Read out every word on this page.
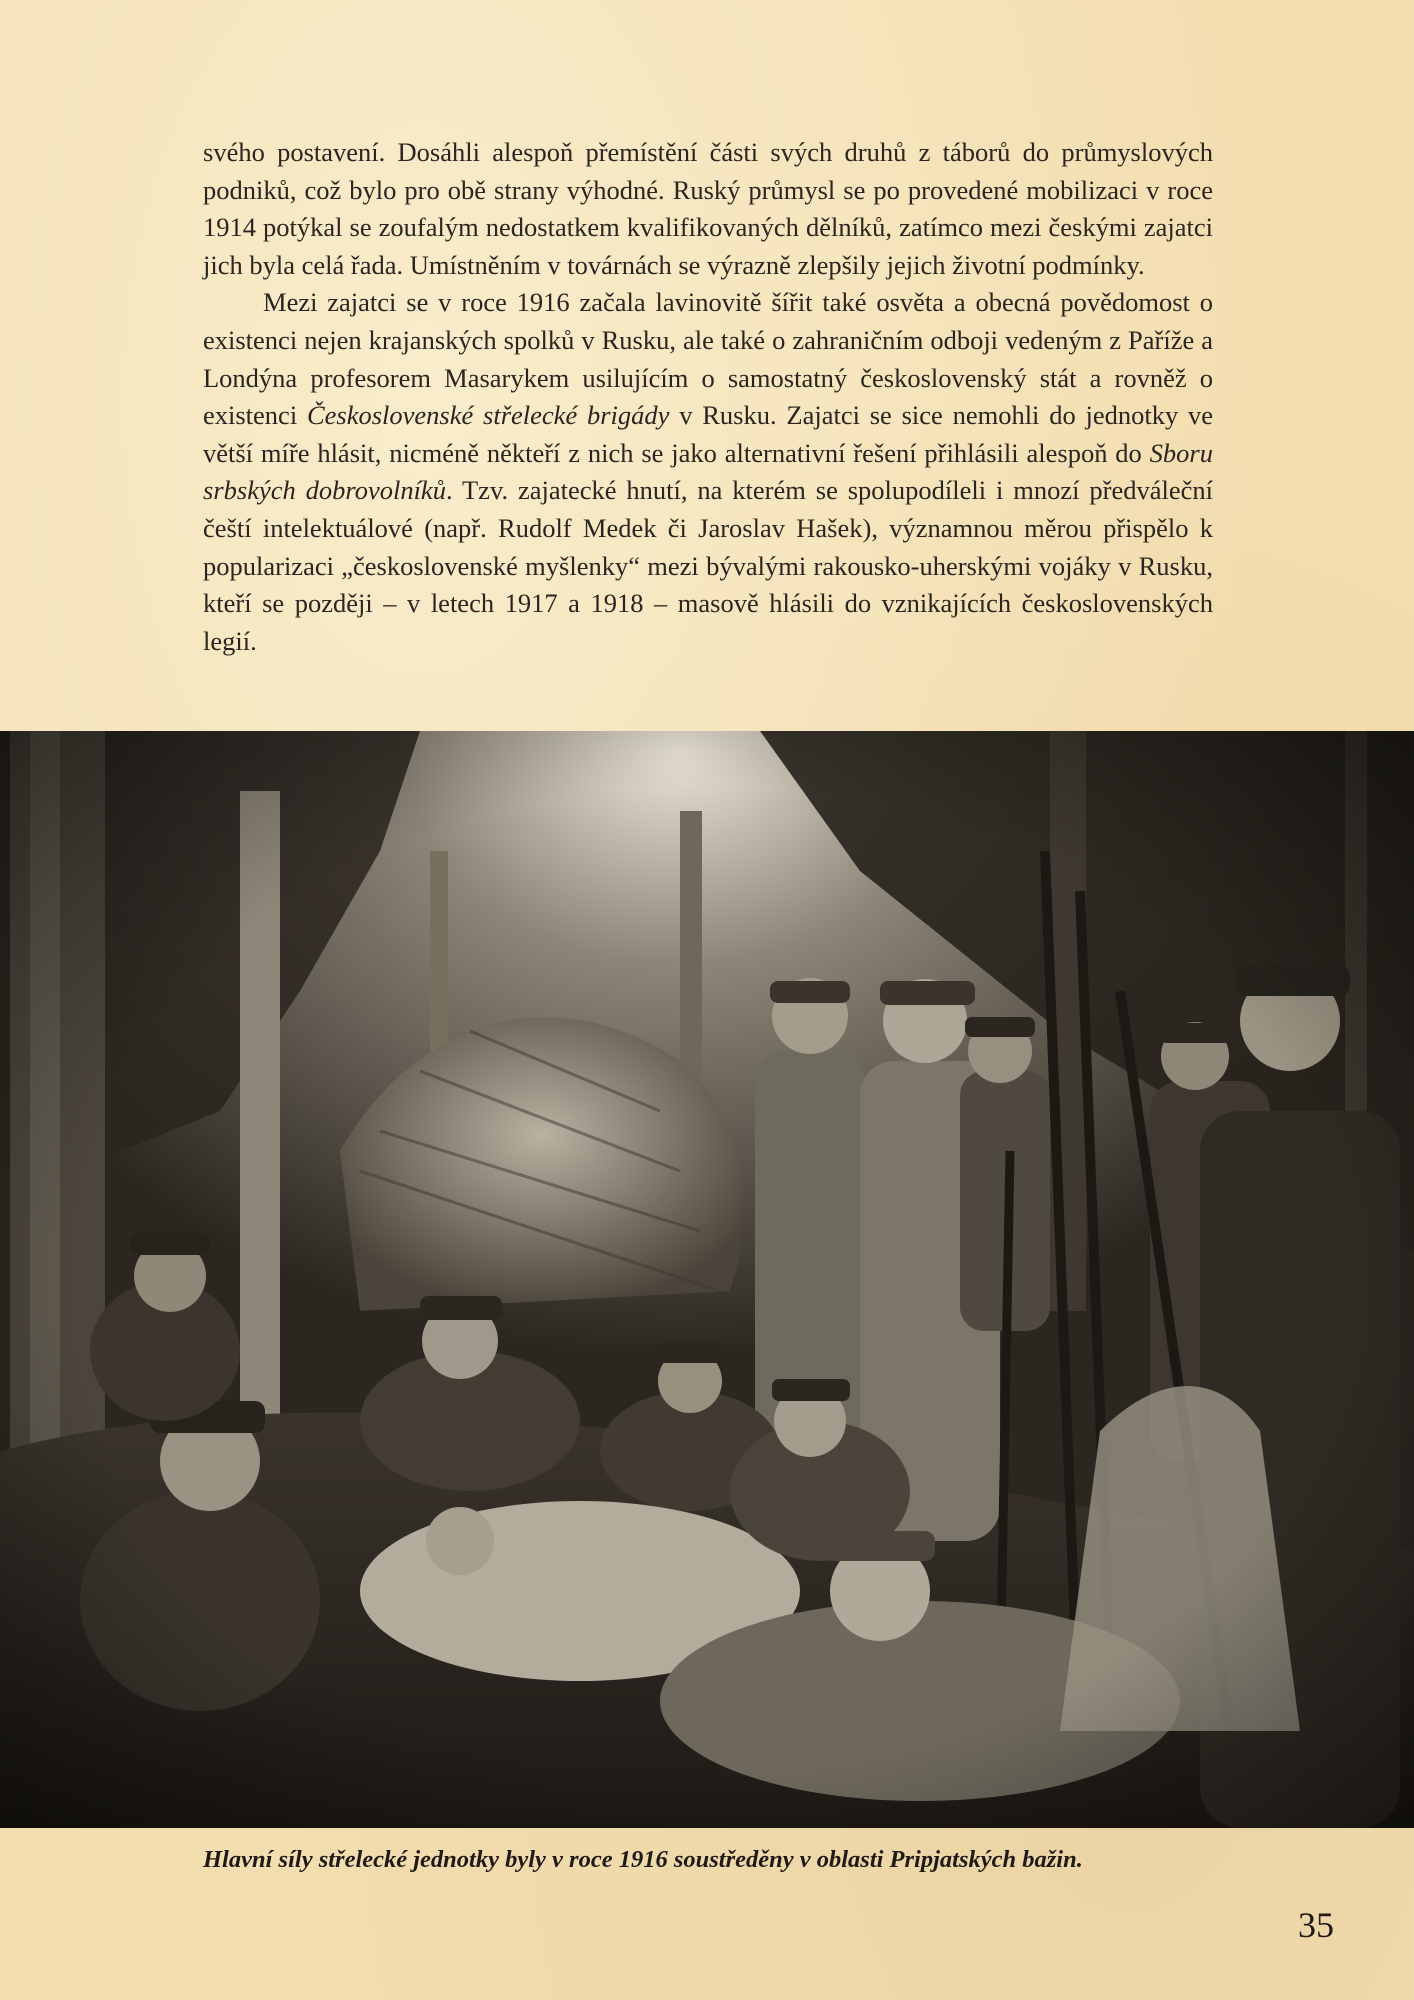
svého postavení. Dosáhli alespoň přemístění části svých druhů z táborů do průmyslových podniků, což bylo pro obě strany výhodné. Ruský průmysl se po provedené mobilizaci v roce 1914 potýkal se zoufalým nedostatkem kvalifikovaných dělníků, zatímco mezi českými zajatci jich byla celá řada. Umístněním v továrnách se výrazně zlepšily jejich životní podmínky.

Mezi zajatci se v roce 1916 začala lavinovitě šířit také osvěta a obecná povědomost o existenci nejen krajanských spolků v Rusku, ale také o zahraničním odboji vedeným z Paříže a Londýna profesorem Masarykem usilujícím o samostatný československý stát a rovněž o existenci Československé střelecké brigády v Rusku. Zajatci se sice nemohli do jednotky ve větší míře hlásit, nicméně někteří z nich se jako alternativní řešení přihlásili alespoň do Sboru srbských dobrovolníků. Tzv. zajatecké hnutí, na kterém se spolupodíleli i mnozí předváleční čeští intelektuálové (např. Rudolf Medek či Jaroslav Hašek), významnou měrou přispělo k popularizaci „československé myšlenky“ mezi bývalými rakousko-uherskými vojáky v Rusku, kteří se později – v letech 1917 a 1918 – masově hlásili do vznikajících československých legií.

Hlavní síly střelecké jednotky byly v roce 1916 soustředěny v oblasti Pripjatských bažin.
35
